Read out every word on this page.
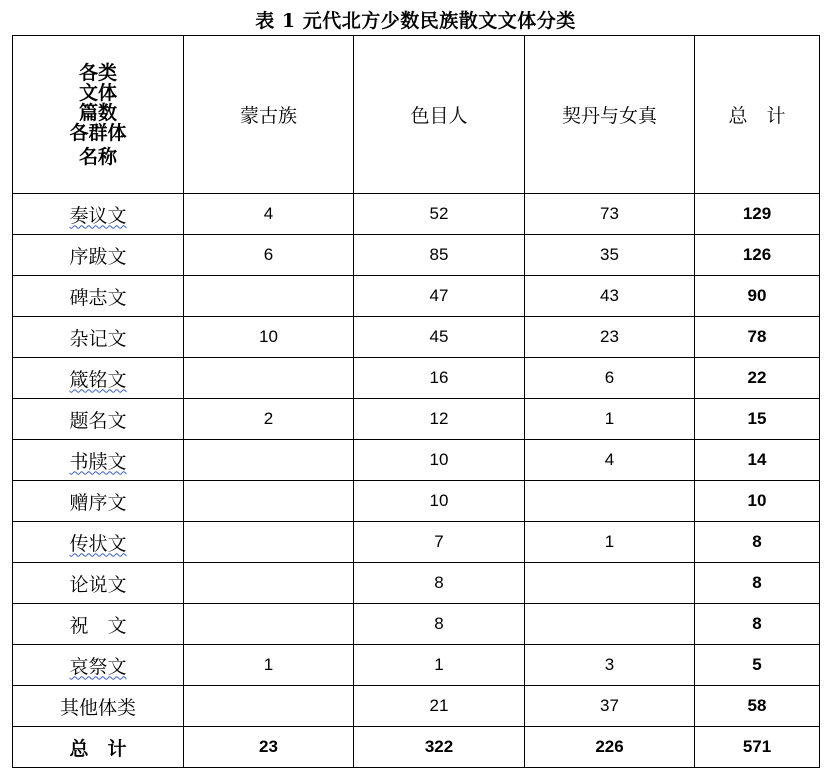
表 1 元代北方少数民族散文文体分类
各类
文体
篇数
各群体
名称	蒙古族	色目人	契丹与女真	总　计
奏议文	4	52	73	129
序跋文	6	85	35	126
碑志文		47	43	90
杂记文	10	45	23	78
箴铭文		16	6	22
题名文	2	12	1	15
书牍文		10	4	14
赠序文		10		10
传状文		7	1	8
论说文		8		8
祝　文		8		8
哀祭文	1	1	3	5
其他体类		21	37	58
总　计	23	322	226	571
